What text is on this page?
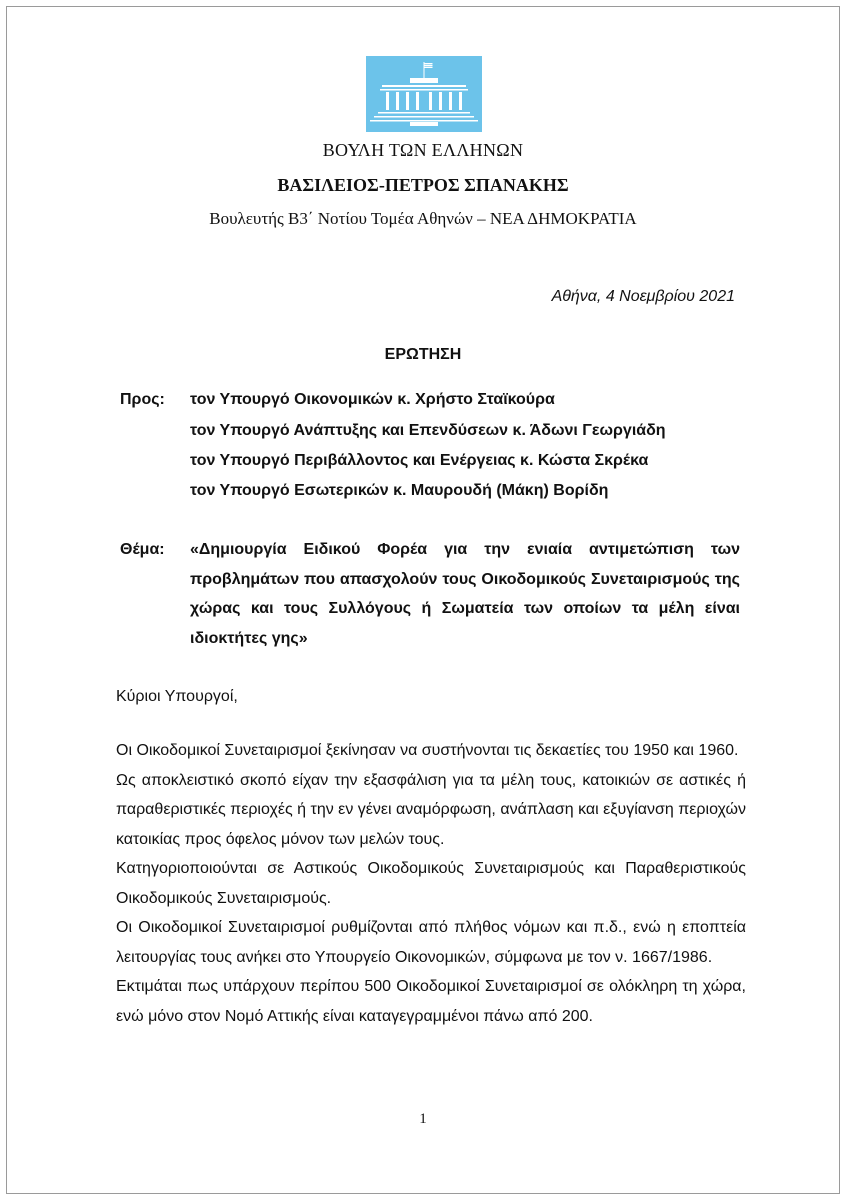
ΒΟΥΛΗ ΤΩΝ ΕΛΛΗΝΩΝ
ΒΑΣΙΛΕΙΟΣ-ΠΕΤΡΟΣ ΣΠΑΝΑΚΗΣ
Βουλευτής Β3΄ Νοτίου Τομέα Αθηνών – ΝΕΑ ΔΗΜΟΚΡΑΤΙΑ
Αθήνα, 4 Νοεμβρίου 2021
ΕΡΩΤΗΣΗ
Προς: τον Υπουργό Οικονομικών κ. Χρήστο Σταϊκούρα
τον Υπουργό Ανάπτυξης και Επενδύσεων κ. Άδωνι Γεωργιάδη
τον Υπουργό Περιβάλλοντος και Ενέργειας κ. Κώστα Σκρέκα
τον Υπουργό Εσωτερικών κ. Μαυρουδή (Μάκη) Βορίδη
Θέμα: «Δημιουργία Ειδικού Φορέα για την ενιαία αντιμετώπιση των προβλημάτων που απασχολούν τους Οικοδομικούς Συνεταιρισμούς της χώρας και τους Συλλόγους ή Σωματεία των οποίων τα μέλη είναι ιδιοκτήτες γης»
Κύριοι Υπουργοί,

Οι Οικοδομικοί Συνεταιρισμοί ξεκίνησαν να συστήνονται τις δεκαετίες του 1950 και 1960.

Ως αποκλειστικό σκοπό είχαν την εξασφάλιση για τα μέλη τους, κατοικιών σε αστικές ή παραθεριστικές περιοχές ή την εν γένει αναμόρφωση, ανάπλαση και εξυγίανση περιοχών κατοικίας προς όφελος μόνον των μελών τους.

Κατηγοριοποιούνται σε Αστικούς Οικοδομικούς Συνεταιρισμούς και Παραθεριστικούς Οικοδομικούς Συνεταιρισμούς.

Οι Οικοδομικοί Συνεταιρισμοί ρυθμίζονται από πλήθος νόμων και π.δ., ενώ η εποπτεία λειτουργίας τους ανήκει στο Υπουργείο Οικονομικών, σύμφωνα με τον ν. 1667/1986.

Εκτιμάται πως υπάρχουν περίπου 500 Οικοδομικοί Συνεταιρισμοί σε ολόκληρη τη χώρα, ενώ μόνο στον Νομό Αττικής είναι καταγεγραμμένοι πάνω από 200.

1
